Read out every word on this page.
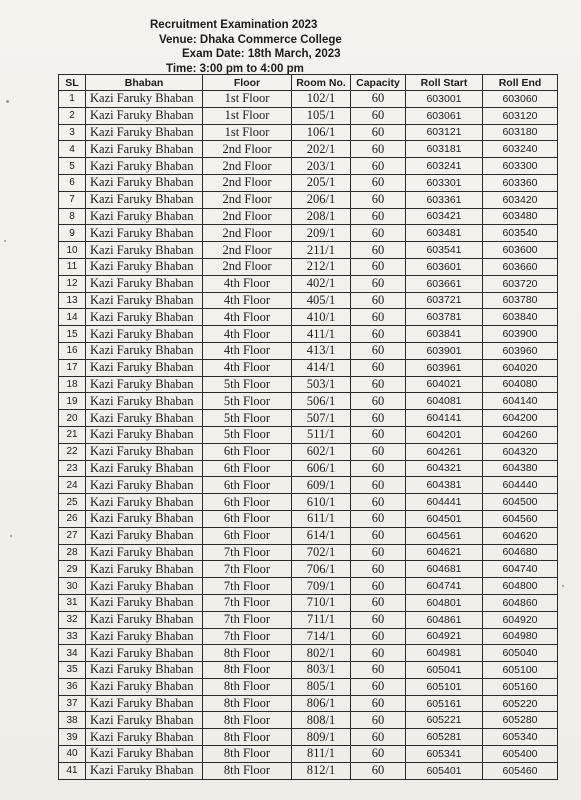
Recruitment Examination 2023
Venue: Dhaka Commerce College
Exam Date: 18th March, 2023
Time: 3:00 pm to 4:00 pm
SL	Bhaban	Floor	Room No.	Capacity	Roll Start	Roll End
1	Kazi Faruky Bhaban	1st Floor	102/1	60	603001	603060
2	Kazi Faruky Bhaban	1st Floor	105/1	60	603061	603120
3	Kazi Faruky Bhaban	1st Floor	106/1	60	603121	603180
4	Kazi Faruky Bhaban	2nd Floor	202/1	60	603181	603240
5	Kazi Faruky Bhaban	2nd Floor	203/1	60	603241	603300
6	Kazi Faruky Bhaban	2nd Floor	205/1	60	603301	603360
7	Kazi Faruky Bhaban	2nd Floor	206/1	60	603361	603420
8	Kazi Faruky Bhaban	2nd Floor	208/1	60	603421	603480
9	Kazi Faruky Bhaban	2nd Floor	209/1	60	603481	603540
10	Kazi Faruky Bhaban	2nd Floor	211/1	60	603541	603600
11	Kazi Faruky Bhaban	2nd Floor	212/1	60	603601	603660
12	Kazi Faruky Bhaban	4th Floor	402/1	60	603661	603720
13	Kazi Faruky Bhaban	4th Floor	405/1	60	603721	603780
14	Kazi Faruky Bhaban	4th Floor	410/1	60	603781	603840
15	Kazi Faruky Bhaban	4th Floor	411/1	60	603841	603900
16	Kazi Faruky Bhaban	4th Floor	413/1	60	603901	603960
17	Kazi Faruky Bhaban	4th Floor	414/1	60	603961	604020
18	Kazi Faruky Bhaban	5th Floor	503/1	60	604021	604080
19	Kazi Faruky Bhaban	5th Floor	506/1	60	604081	604140
20	Kazi Faruky Bhaban	5th Floor	507/1	60	604141	604200
21	Kazi Faruky Bhaban	5th Floor	511/1	60	604201	604260
22	Kazi Faruky Bhaban	6th Floor	602/1	60	604261	604320
23	Kazi Faruky Bhaban	6th Floor	606/1	60	604321	604380
24	Kazi Faruky Bhaban	6th Floor	609/1	60	604381	604440
25	Kazi Faruky Bhaban	6th Floor	610/1	60	604441	604500
26	Kazi Faruky Bhaban	6th Floor	611/1	60	604501	604560
27	Kazi Faruky Bhaban	6th Floor	614/1	60	604561	604620
28	Kazi Faruky Bhaban	7th Floor	702/1	60	604621	604680
29	Kazi Faruky Bhaban	7th Floor	706/1	60	604681	604740
30	Kazi Faruky Bhaban	7th Floor	709/1	60	604741	604800
31	Kazi Faruky Bhaban	7th Floor	710/1	60	604801	604860
32	Kazi Faruky Bhaban	7th Floor	711/1	60	604861	604920
33	Kazi Faruky Bhaban	7th Floor	714/1	60	604921	604980
34	Kazi Faruky Bhaban	8th Floor	802/1	60	604981	605040
35	Kazi Faruky Bhaban	8th Floor	803/1	60	605041	605100
36	Kazi Faruky Bhaban	8th Floor	805/1	60	605101	605160
37	Kazi Faruky Bhaban	8th Floor	806/1	60	605161	605220
38	Kazi Faruky Bhaban	8th Floor	808/1	60	605221	605280
39	Kazi Faruky Bhaban	8th Floor	809/1	60	605281	605340
40	Kazi Faruky Bhaban	8th Floor	811/1	60	605341	605400
41	Kazi Faruky Bhaban	8th Floor	812/1	60	605401	605460
